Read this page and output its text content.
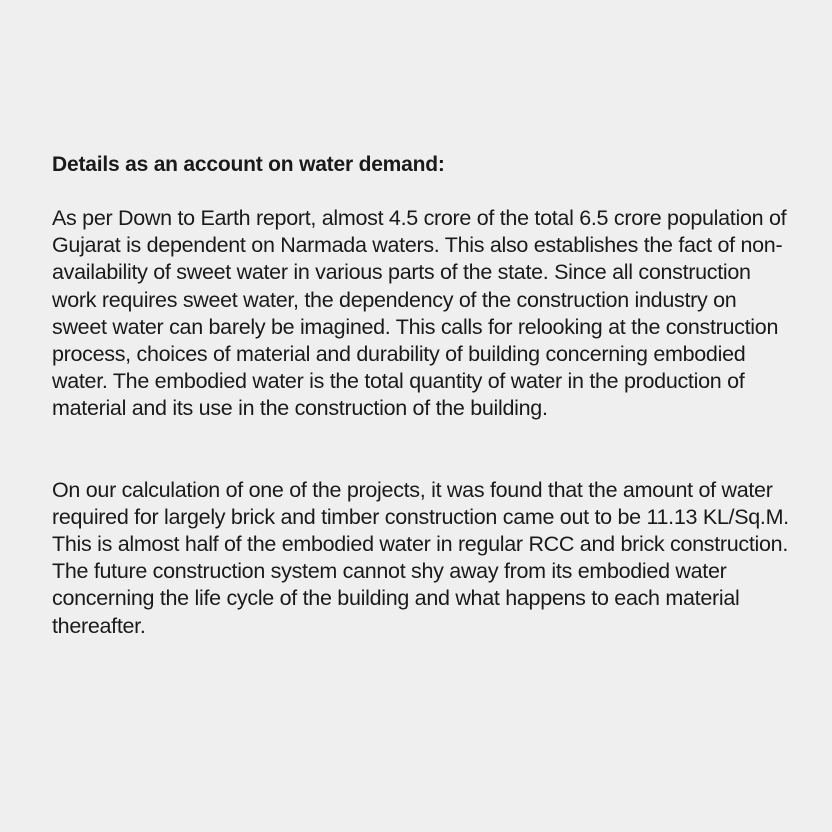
Details as an account on water demand:

As per Down to Earth report, almost 4.5 crore of the total 6.5 crore population of Gujarat is dependent on Narmada waters. This also establishes the fact of non-availability of sweet water in various parts of the state. Since all construction work requires sweet water, the dependency of the construction industry on sweet water can barely be imagined. This calls for relooking at the construction process, choices of material and durability of building concerning embodied water. The embodied water is the total quantity of water in the production of material and its use in the construction of the building.

On our calculation of one of the projects, it was found that the amount of water required for largely brick and timber construction came out to be 11.13 KL/Sq.M. This is almost half of the embodied water in regular RCC and brick construction. The future construction system cannot shy away from its embodied water concerning the life cycle of the building and what happens to each material thereafter.
